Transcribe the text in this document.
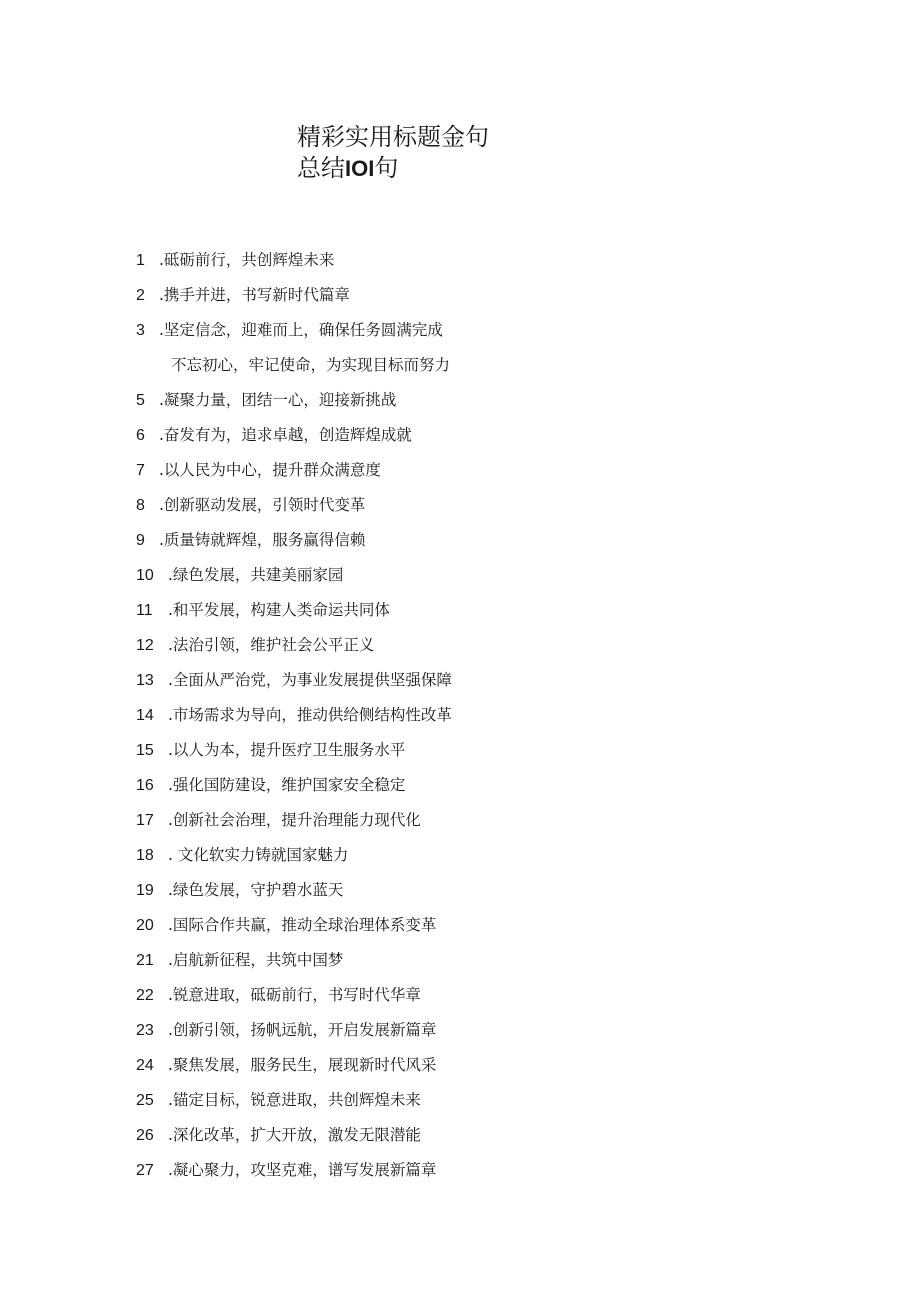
精彩实用标题金句
总结IOI句
1 .砥砺前行，共创辉煌未来
2 .携手并进，书写新时代篇章
3 .坚定信念，迎难而上，确保任务圆满完成
不忘初心，牢记使命，为实现目标而努力
5 .凝聚力量，团结一心，迎接新挑战
6 .奋发有为，追求卓越，创造辉煌成就
7 .以人民为中心，提升群众满意度
8 .创新驱动发展，引领时代变革
9 .质量铸就辉煌，服务赢得信赖
10 .绿色发展，共建美丽家园
11 .和平发展，构建人类命运共同体
12 .法治引领，维护社会公平正义
13 .全面从严治党，为事业发展提供坚强保障
14 .市场需求为导向，推动供给侧结构性改革
15 .以人为本，提升医疗卫生服务水平
16 .强化国防建设，维护国家安全稳定
17 .创新社会治理，提升治理能力现代化
18 . 文化软实力铸就国家魅力
19 .绿色发展，守护碧水蓝天
20 .国际合作共赢，推动全球治理体系变革
21 .启航新征程，共筑中国梦
22 .锐意进取，砥砺前行，书写时代华章
23 .创新引领，扬帆远航，开启发展新篇章
24 .聚焦发展，服务民生，展现新时代风采
25 .锚定目标，锐意进取，共创辉煌未来
26 .深化改革，扩大开放，激发无限潜能
27 .凝心聚力，攻坚克难，谱写发展新篇章
